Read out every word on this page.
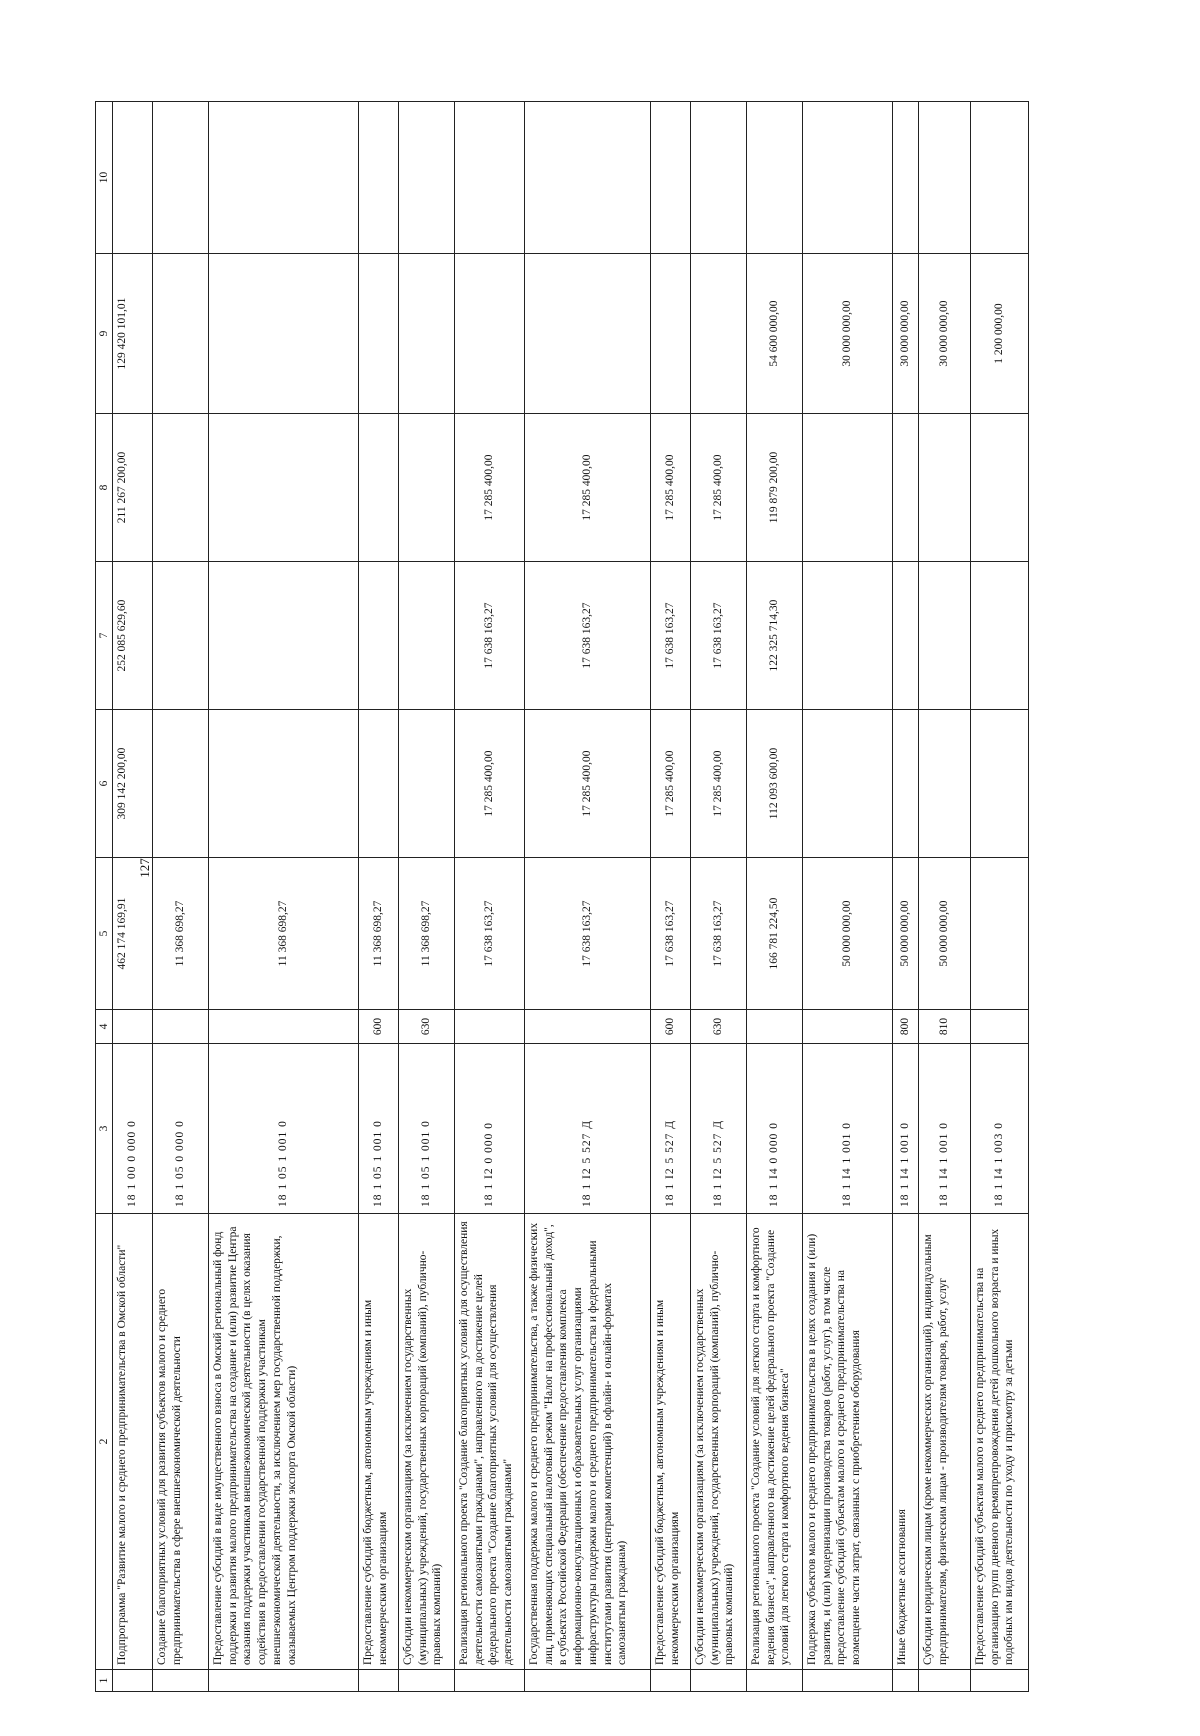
127
1	2	3	4	5	6	7	8	9	10
	Подпрограмма "Развитие малого и среднего предпринимательства в Омской области"	18 1 00 0 000 0		462 174 169,91	309 142 200,00	252 085 629,60	211 267 200,00	129 420 101,01	
	Создание благоприятных условий для развития субъектов малого и среднего предпринимательства в сфере внешнеэкономической деятельности	18 1 05 0 000 0		11 368 698,27					
	Предоставление субсидий в виде имущественного взноса в Омский региональный фонд поддержки и развития малого предпринимательства на создание и (или) развитие Центра оказания поддержки участникам внешнеэкономической деятельности (в целях оказания содействия в предоставлении государственной поддержки участникам внешнеэкономической деятельности, за исключением мер государственной поддержки, оказываемых Центром поддержки экспорта Омской области)	18 1 05 1 001 0		11 368 698,27					
	Предоставление субсидий бюджетным, автономным учреждениям и иным некоммерческим организациям	18 1 05 1 001 0	600	11 368 698,27					
	Субсидии некоммерческим организациям (за исключением государственных (муниципальных) учреждений, государственных корпораций (компаний), публично-правовых компаний)	18 1 05 1 001 0	630	11 368 698,27					
	Реализация регионального проекта "Создание благоприятных условий для осуществления деятельности самозанятыми гражданами", направленного на достижение целей федерального проекта "Создание благоприятных условий для осуществления деятельности самозанятыми гражданами"	18 1 I2 0 000 0		17 638 163,27	17 285 400,00	17 638 163,27	17 285 400,00		
	Государственная поддержка малого и среднего предпринимательства, а также физических лиц, применяющих специальный налоговый режим "Налог на профессиональный доход", в субъектах Российской Федерации (обеспечение предоставления комплекса информационно-консультационных и образовательных услуг организациями инфраструктуры поддержки малого и среднего предпринимательства и федеральными институтами развития (центрами компетенций) в офлайн- и онлайн-форматах самозанятым гражданам)	18 1 I2 5 527 Д		17 638 163,27	17 285 400,00	17 638 163,27	17 285 400,00		
	Предоставление субсидий бюджетным, автономным учреждениям и иным некоммерческим организациям	18 1 I2 5 527 Д	600	17 638 163,27	17 285 400,00	17 638 163,27	17 285 400,00		
	Субсидии некоммерческим организациям (за исключением государственных (муниципальных) учреждений, государственных корпораций (компаний), публично-правовых компаний)	18 1 I2 5 527 Д	630	17 638 163,27	17 285 400,00	17 638 163,27	17 285 400,00		
	Реализация регионального проекта "Создание условий для легкого старта и комфортного ведения бизнеса", направленного на достижение целей федерального проекта "Создание условий для легкого старта и комфортного ведения бизнеса"	18 1 I4 0 000 0		166 781 224,50	112 093 600,00	122 325 714,30	119 879 200,00	54 600 000,00	
	Поддержка субъектов малого и среднего предпринимательства в целях создания и (или) развития, и (или) модернизации производства товаров (работ, услуг), в том числе предоставление субсидий субъектам малого и среднего предпринимательства на возмещение части затрат, связанных с приобретением оборудования	18 1 I4 1 001 0		50 000 000,00				30 000 000,00	
	Иные бюджетные ассигнования	18 1 I4 1 001 0	800	50 000 000,00				30 000 000,00	
	Субсидии юридическим лицам (кроме некоммерческих организаций), индивидуальным предпринимателям, физическим лицам - производителям товаров, работ, услуг	18 1 I4 1 001 0	810	50 000 000,00				30 000 000,00	
	Предоставление субсидий субъектам малого и среднего предпринимательства на организацию групп дневного времяпрепровождения детей дошкольного возраста и иных подобных им видов деятельности по уходу и присмотру за детьми	18 1 I4 1 003 0						1 200 000,00	
